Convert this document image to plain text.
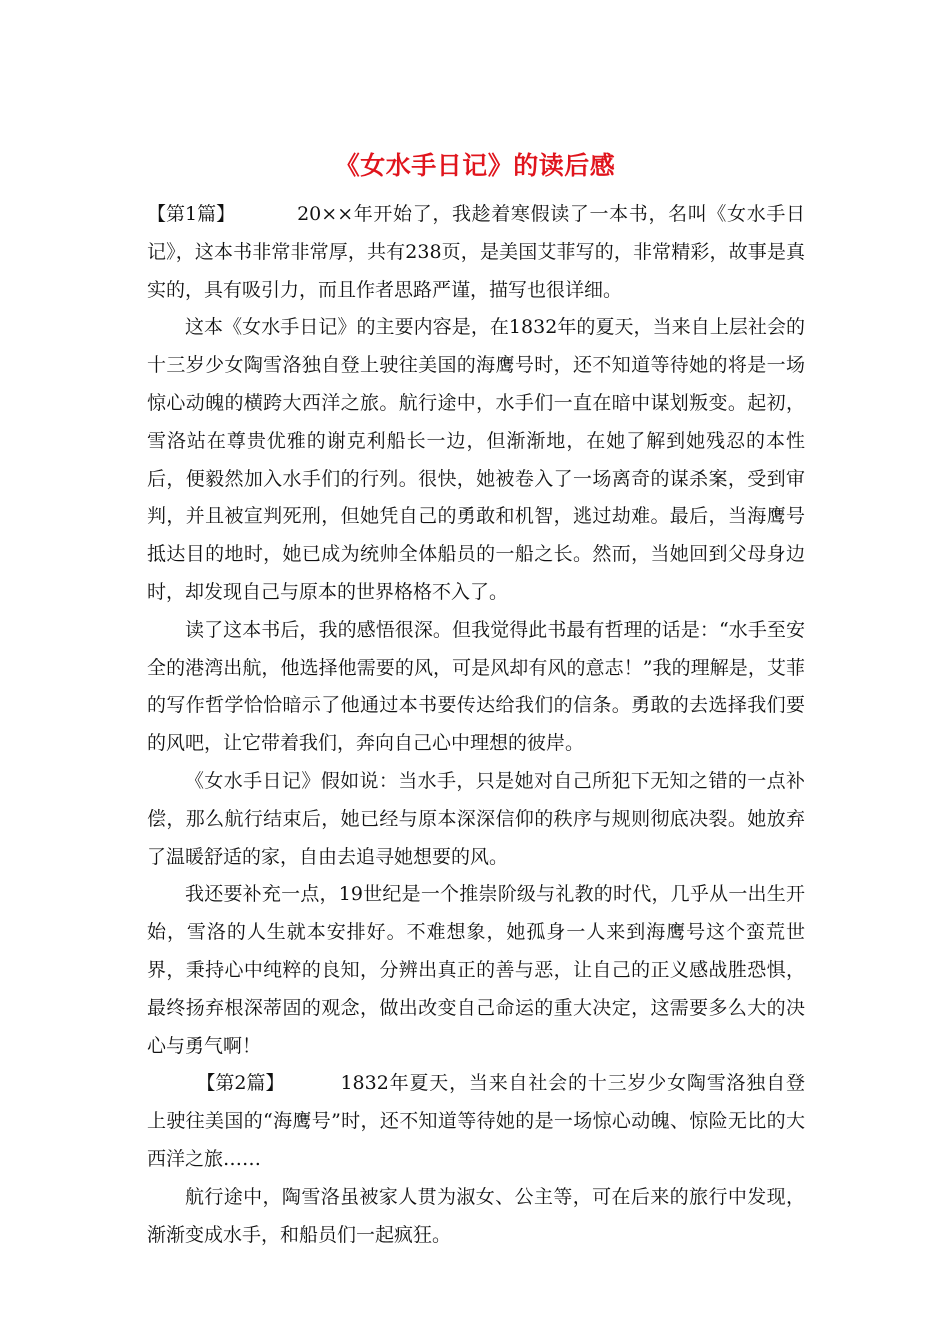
《女水手日记》的读后感

【第1篇】	20××年开始了，我趁着寒假读了一本书，名叫《女水手日记》，这本书非常非常厚，共有238页，是美国艾菲写的，非常精彩，故事是真实的，具有吸引力，而且作者思路严谨，描写也很详细。

这本《女水手日记》的主要内容是，在1832年的夏天，当来自上层社会的十三岁少女陶雪洛独自登上驶往美国的海鹰号时，还不知道等待她的将是一场惊心动魄的横跨大西洋之旅。航行途中，水手们一直在暗中谋划叛变。起初，雪洛站在尊贵优雅的谢克利船长一边，但渐渐地，在她了解到她残忍的本性后，便毅然加入水手们的行列。很快，她被卷入了一场离奇的谋杀案，受到审判，并且被宣判死刑，但她凭自己的勇敢和机智，逃过劫难。最后，当海鹰号抵达目的地时，她已成为统帅全体船员的一船之长。然而，当她回到父母身边时，却发现自己与原本的世界格格不入了。

读了这本书后，我的感悟很深。但我觉得此书最有哲理的话是：“水手至安全的港湾出航，他选择他需要的风，可是风却有风的意志！”我的理解是，艾菲的写作哲学恰恰暗示了他通过本书要传达给我们的信条。勇敢的去选择我们要的风吧，让它带着我们，奔向自己心中理想的彼岸。

《女水手日记》假如说：当水手，只是她对自己所犯下无知之错的一点补偿，那么航行结束后，她已经与原本深深信仰的秩序与规则彻底决裂。她放弃了温暖舒适的家，自由去追寻她想要的风。

我还要补充一点，19世纪是一个推崇阶级与礼教的时代，几乎从一出生开始，雪洛的人生就本安排好。不难想象，她孤身一人来到海鹰号这个蛮荒世界，秉持心中纯粹的良知，分辨出真正的善与恶，让自己的正义感战胜恐惧，最终扬弃根深蒂固的观念，做出改变自己命运的重大决定，这需要多么大的决心与勇气啊！

【第2篇】	1832年夏天，当来自社会的十三岁少女陶雪洛独自登上驶往美国的“海鹰号”时，还不知道等待她的是一场惊心动魄、惊险无比的大西洋之旅……

航行途中，陶雪洛虽被家人贯为淑女、公主等，可在后来的旅行中发现，渐渐变成水手，和船员们一起疯狂。
